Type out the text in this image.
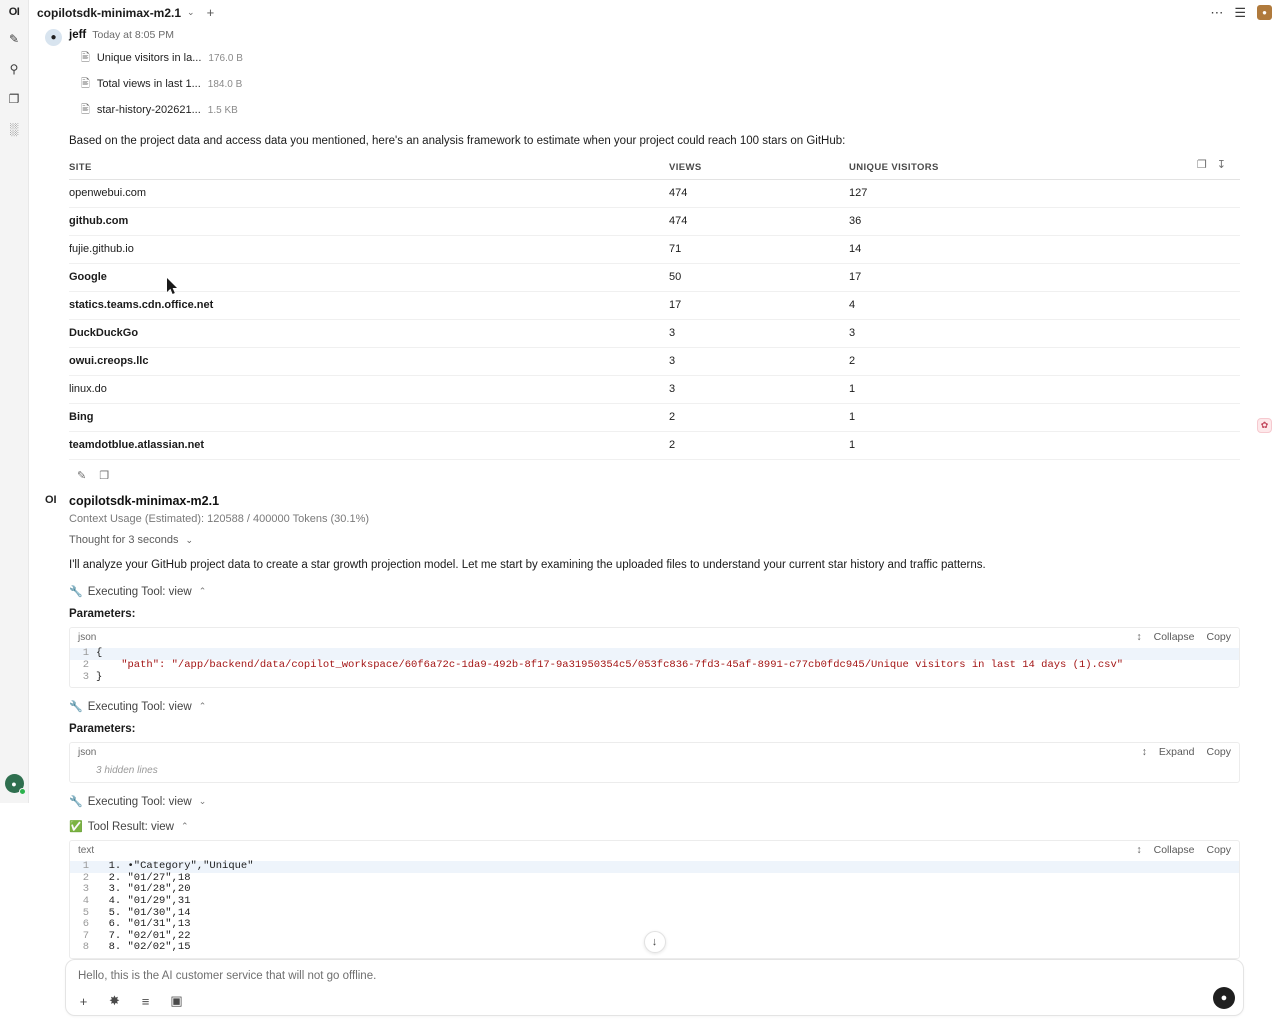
OI
✎
⚲
❐
░
●
copilotsdk-minimax-m2.1 ⌄ +	⋯ ☰ ●
● jeff Today at 8:05 PM
🖹 Unique visitors in la... 176.0 B
🖹 Total views in last 1... 184.0 B
🖹 star-history-202621... 1.5 KB
Based on the project data and access data you mentioned, here's an analysis framework to estimate when your project could reach 100 stars on GitHub:
❐ ↧
SITE	VIEWS	UNIQUE VISITORS
openwebui.com	474	127
github.com	474	36
fujie.github.io	71	14
Google	50	17
statics.teams.cdn.office.net	17	4
DuckDuckGo	3	3
owui.creops.llc	3	2
linux.do	3	1
Bing	2	1
teamdotblue.atlassian.net	2	1
✎ ❐
OI copilotsdk-minimax-m2.1
Context Usage (Estimated): 120588 / 400000 Tokens (30.1%)
Thought for 3 seconds ⌄
I'll analyze your GitHub project data to create a star growth projection model. Let me start by examining the uploaded files to understand your current star history and traffic patterns.
🔧 Executing Tool: view ⌃
Parameters:
json	↕ Collapse Copy
1 {
2 "path": "/app/backend/data/copilot_workspace/60f6a72c-1da9-492b-8f17-9a31950354c5/053fc836-7fd3-45af-8991-c77cb0fdc945/Unique visitors in last 14 days (1).csv"
3 }
🔧 Executing Tool: view ⌃
Parameters:
json	↕ Expand Copy
3 hidden lines
🔧 Executing Tool: view ⌄
✅ Tool Result: view ⌃
text	↕ Collapse Copy
1 1. •"Category","Unique"
2 2. "01/27",18
3 3. "01/28",20
4 4. "01/29",31
5 5. "01/30",14
6 6. "01/31",13
7 7. "02/01",22
8 8. "02/02",15
✿
↓
Hello, this is the AI customer service that will not go offline.
+ ✸ ≡ ▣	●
